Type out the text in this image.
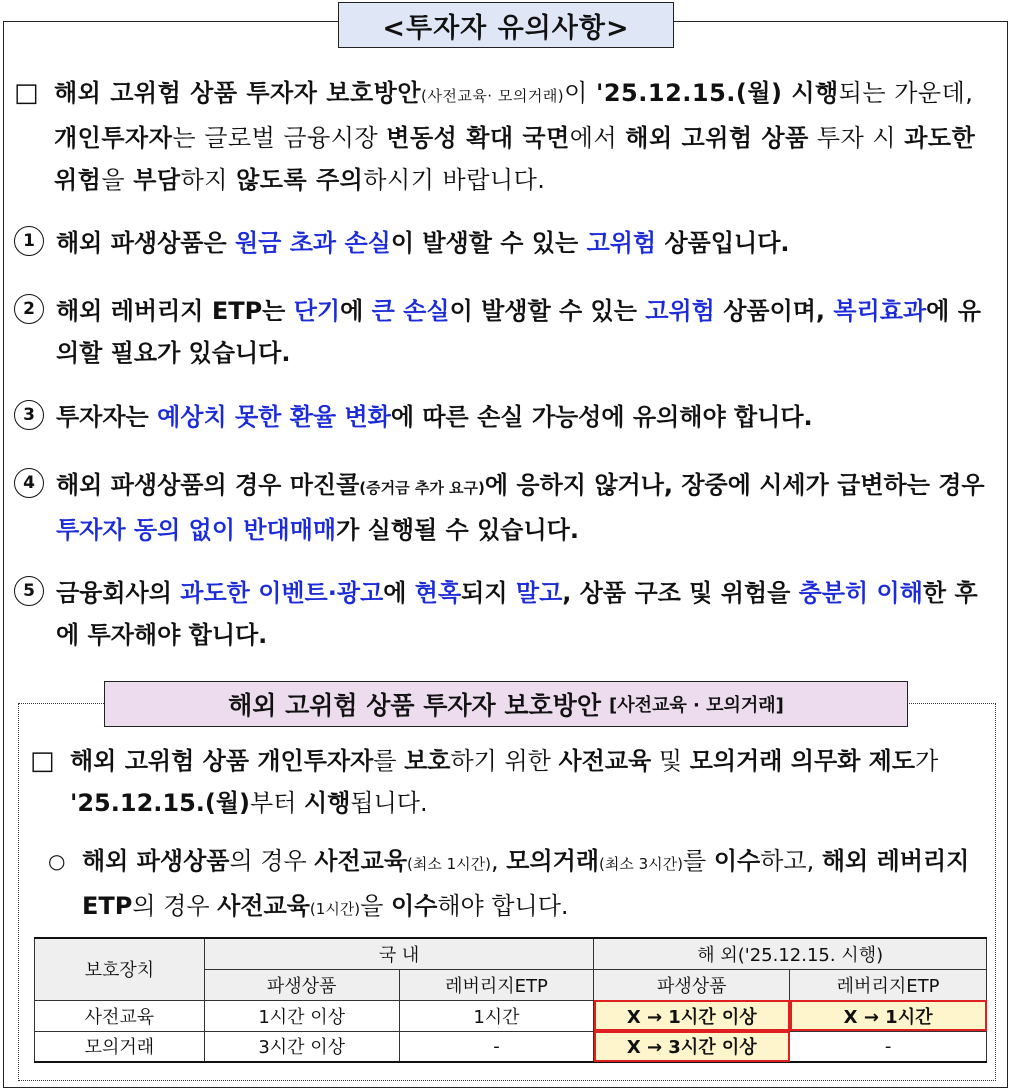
<투자자 유의사항>
□ 해외 고위험 상품 투자자 보호방안(사전교육· 모의거래)이 '25.12.15.(월) 시행되는 가운데, 개인투자자는 글로벌 금융시장 변동성 확대 국면에서 해외 고위험 상품 투자 시 과도한 위험을 부담하지 않도록 주의하시기 바랍니다.
1 해외 파생상품은 원금 초과 손실이 발생할 수 있는 고위험 상품입니다.
2 해외 레버리지 ETP는 단기에 큰 손실이 발생할 수 있는 고위험 상품이며, 복리효과에 유의할 필요가 있습니다.
3 투자자는 예상치 못한 환율 변화에 따른 손실 가능성에 유의해야 합니다.
4 해외 파생상품의 경우 마진콜(증거금 추가 요구)에 응하지 않거나, 장중에 시세가 급변하는 경우 투자자 동의 없이 반대매매가 실행될 수 있습니다.
5 금융회사의 과도한 이벤트·광고에 현혹되지 말고, 상품 구조 및 위험을 충분히 이해한 후에 투자해야 합니다.
해외 고위험 상품 투자자 보호방안 [사전교육 · 모의거래]
□ 해외 고위험 상품 개인투자자를 보호하기 위한 사전교육 및 모의거래 의무화 제도가 '25.12.15.(월)부터 시행됩니다.
○ 해외 파생상품의 경우 사전교육(최소 1시간), 모의거래(최소 3시간)를 이수하고, 해외 레버리지 ETP의 경우 사전교육(1시간)을 이수해야 합니다.
보호장치	국 내		해 외('25.12.15. 시행)	
	파생상품	레버리지ETP	파생상품	레버리지ETP
사전교육	1시간 이상	1시간	X → 1시간 이상	X → 1시간
모의거래	3시간 이상	-	X → 3시간 이상	-
